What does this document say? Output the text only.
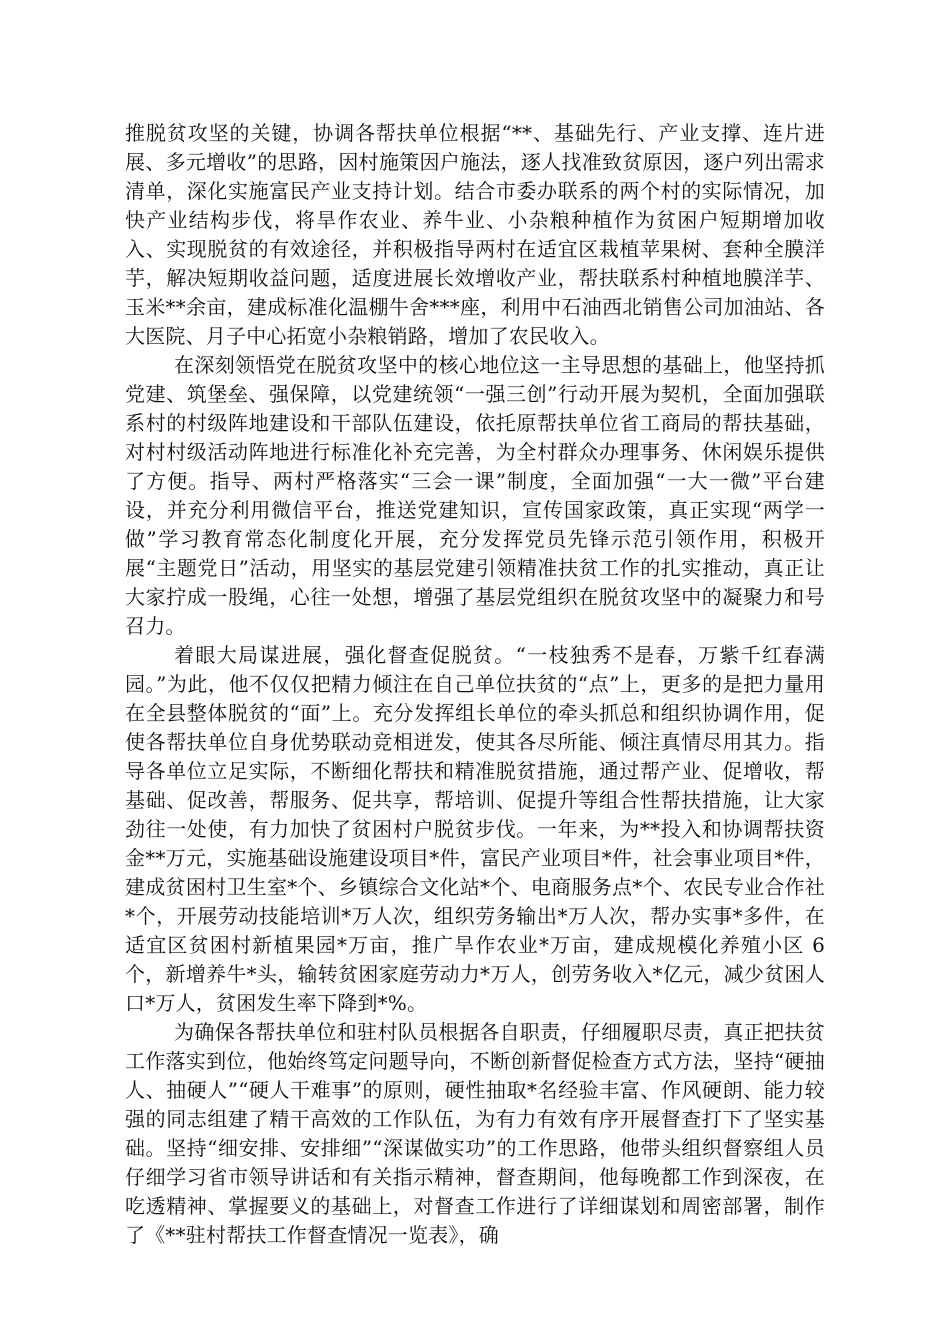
推脱贫攻坚的关键，协调各帮扶单位根据“**、基础先行、产业支撑、连片进展、多元增收”的思路，因村施策因户施法，逐人找准致贫原因，逐户列出需求清单，深化实施富民产业支持计划。结合市委办联系的两个村的实际情况，加快产业结构步伐，将旱作农业、养牛业、小杂粮种植作为贫困户短期增加收入、实现脱贫的有效途径，并积极指导两村在适宜区栽植苹果树、套种全膜洋芋，解决短期收益问题，适度进展长效增收产业，帮扶联系村种植地膜洋芋、玉米**余亩，建成标准化温棚牛舍***座，利用中石油西北销售公司加油站、各大医院、月子中心拓宽小杂粮销路，增加了农民收入。

在深刻领悟党在脱贫攻坚中的核心地位这一主导思想的基础上，他坚持抓党建、筑堡垒、强保障，以党建统领“一强三创”行动开展为契机，全面加强联系村的村级阵地建设和干部队伍建设，依托原帮扶单位省工商局的帮扶基础，对村村级活动阵地进行标准化补充完善，为全村群众办理事务、休闲娱乐提供了方便。指导、两村严格落实“三会一课”制度，全面加强“一大一微”平台建设，并充分利用微信平台，推送党建知识，宣传国家政策，真正实现“两学一做”学习教育常态化制度化开展，充分发挥党员先锋示范引领作用，积极开展“主题党日”活动，用坚实的基层党建引领精准扶贫工作的扎实推动，真正让大家拧成一股绳，心往一处想，增强了基层党组织在脱贫攻坚中的凝聚力和号召力。

着眼大局谋进展，强化督查促脱贫。“一枝独秀不是春，万紫千红春满园。”为此，他不仅仅把精力倾注在自己单位扶贫的“点”上，更多的是把力量用在全县整体脱贫的“面”上。充分发挥组长单位的牵头抓总和组织协调作用，促使各帮扶单位自身优势联动竞相迸发，使其各尽所能、倾注真情尽用其力。指导各单位立足实际，不断细化帮扶和精准脱贫措施，通过帮产业、促增收，帮基础、促改善，帮服务、促共享，帮培训、促提升等组合性帮扶措施，让大家劲往一处使，有力加快了贫困村户脱贫步伐。一年来，为**投入和协调帮扶资金**万元，实施基础设施建设项目*件，富民产业项目*件，社会事业项目*件，建成贫困村卫生室*个、乡镇综合文化站*个、电商服务点*个、农民专业合作社*个，开展劳动技能培训*万人次，组织劳务输出*万人次，帮办实事*多件，在适宜区贫困村新植果园*万亩，推广旱作农业*万亩，建成规模化养殖小区 6 个，新增养牛*头，输转贫困家庭劳动力*万人，创劳务收入*亿元，减少贫困人口*万人，贫困发生率下降到*%。

为确保各帮扶单位和驻村队员根据各自职责，仔细履职尽责，真正把扶贫工作落实到位，他始终笃定问题导向，不断创新督促检查方式方法，坚持“硬抽人、抽硬人”“硬人干难事”的原则，硬性抽取*名经验丰富、作风硬朗、能力较强的同志组建了精干高效的工作队伍，为有力有效有序开展督查打下了坚实基础。坚持“细安排、安排细”“深谋做实功”的工作思路，他带头组织督察组人员仔细学习省市领导讲话和有关指示精神，督查期间，他每晚都工作到深夜，在吃透精神、掌握要义的基础上，对督查工作进行了详细谋划和周密部署，制作了《**驻村帮扶工作督查情况一览表》，确
